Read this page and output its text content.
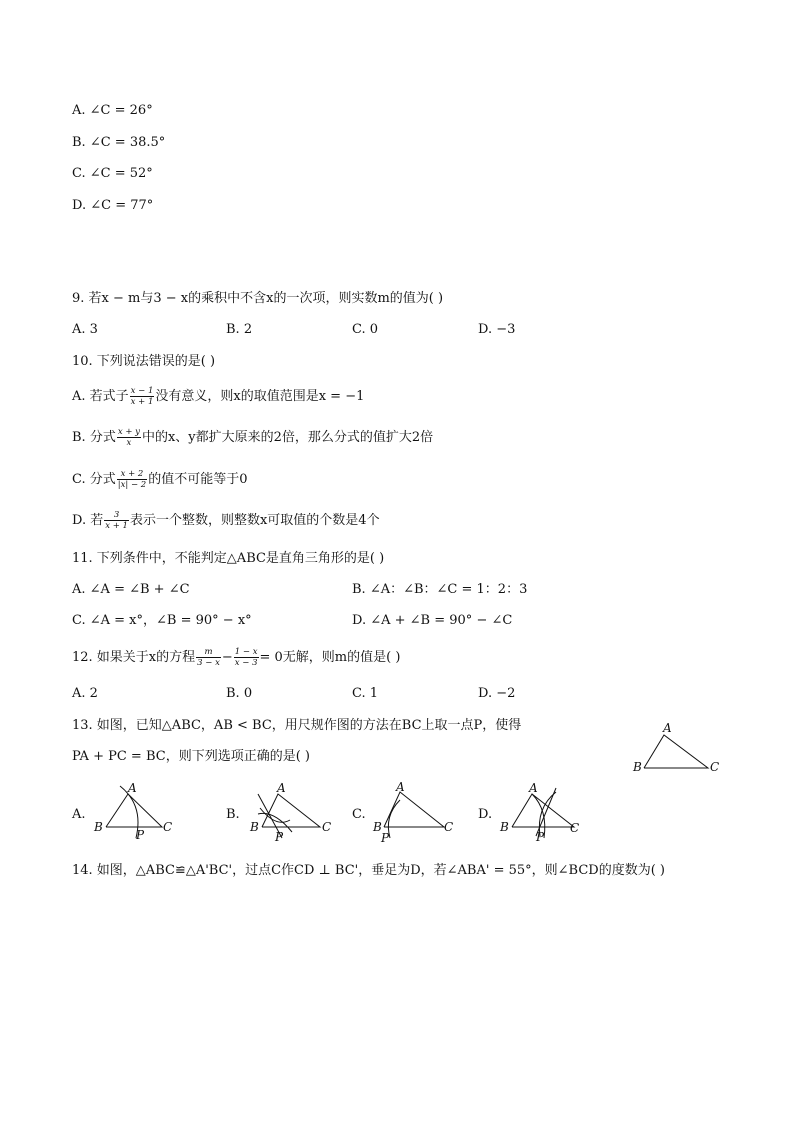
A. ∠C = 26°
B. ∠C = 38.5°
C. ∠C = 52°
D. ∠C = 77°
9. 若x − m与3 − x的乘积中不含x的一次项，则实数m的值为( )
A. 3	B. 2	C. 0	D. −3
10. 下列说法错误的是( )
A. 若式子 $\frac{x - 1}{x + 1}$ 没有意义，则x的取值范围是x = −1
B. 分式 $\frac{x + y}{x}$ 中的x、y都扩大原来的2倍，那么分式的值扩大2倍
C. 分式 $\frac{x + 2}{|x| - 2}$ 的值不可能等于0
D. 若 $\frac{3}{x + 1}$ 表示一个整数，则整数x可取值的个数是4个
11. 下列条件中，不能判定△ABC是直角三角形的是( )
A. ∠A = ∠B + ∠C	B. ∠A：∠B：∠C = 1：2：3
C. ∠A = x°，∠B = 90° − x°	D. ∠A + ∠B = 90° − ∠C
12. 如果关于x的方程 $\frac{m}{3 - x} - \frac{1 - x}{x - 3} = 0$无解，则m的值是( )
A. 2	B. 0	C. 1	D. −2
13. 如图，已知△ABC，AB < BC，用尺规作图的方法在BC上取一点P，使得
PA + PC = BC，则下列选项正确的是( )
A
B	C
A.
A
B	C
P
B.
A
B	C
P
C.
A
B	C
P
D.
A
B	C
P
14. 如图，△ABC≌△A'BC'，过点C作CD ⊥ BC'，垂足为D，若∠ABA' = 55°，则∠BCD的度数为( )
